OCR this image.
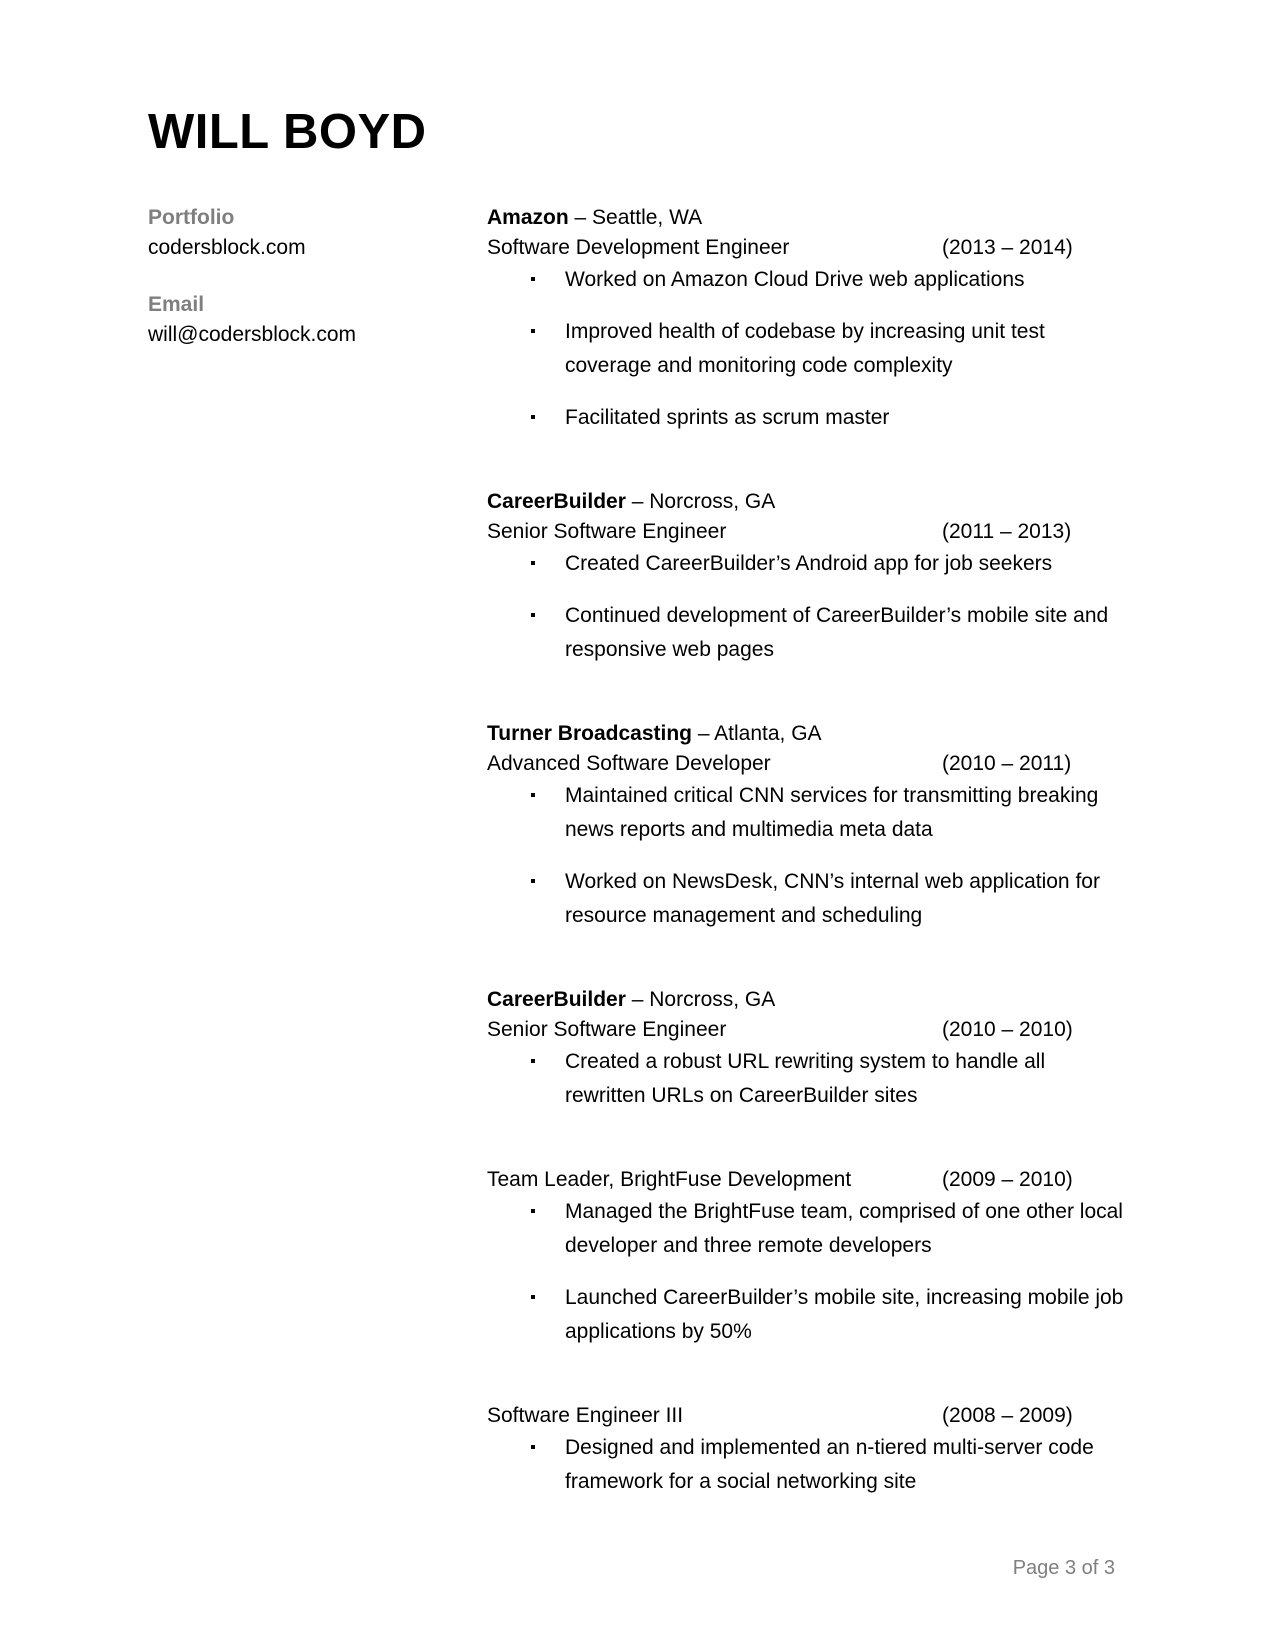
WILL BOYD
Portfolio
codersblock.com
Email
will@codersblock.com
Amazon – Seattle, WA
Software Development Engineer	(2013 – 2014)
Worked on Amazon Cloud Drive web applications
Improved health of codebase by increasing unit test coverage and monitoring code complexity
Facilitated sprints as scrum master
CareerBuilder – Norcross, GA
Senior Software Engineer	(2011 – 2013)
Created CareerBuilder’s Android app for job seekers
Continued development of CareerBuilder’s mobile site and responsive web pages
Turner Broadcasting – Atlanta, GA
Advanced Software Developer	(2010 – 2011)
Maintained critical CNN services for transmitting breaking news reports and multimedia meta data
Worked on NewsDesk, CNN’s internal web application for resource management and scheduling
CareerBuilder – Norcross, GA
Senior Software Engineer	(2010 – 2010)
Created a robust URL rewriting system to handle all rewritten URLs on CareerBuilder sites
Team Leader, BrightFuse Development	(2009 – 2010)
Managed the BrightFuse team, comprised of one other local developer and three remote developers
Launched CareerBuilder’s mobile site, increasing mobile job applications by 50%
Software Engineer III	(2008 – 2009)
Designed and implemented an n-tiered multi-server code framework for a social networking site
Page 3 of 3
